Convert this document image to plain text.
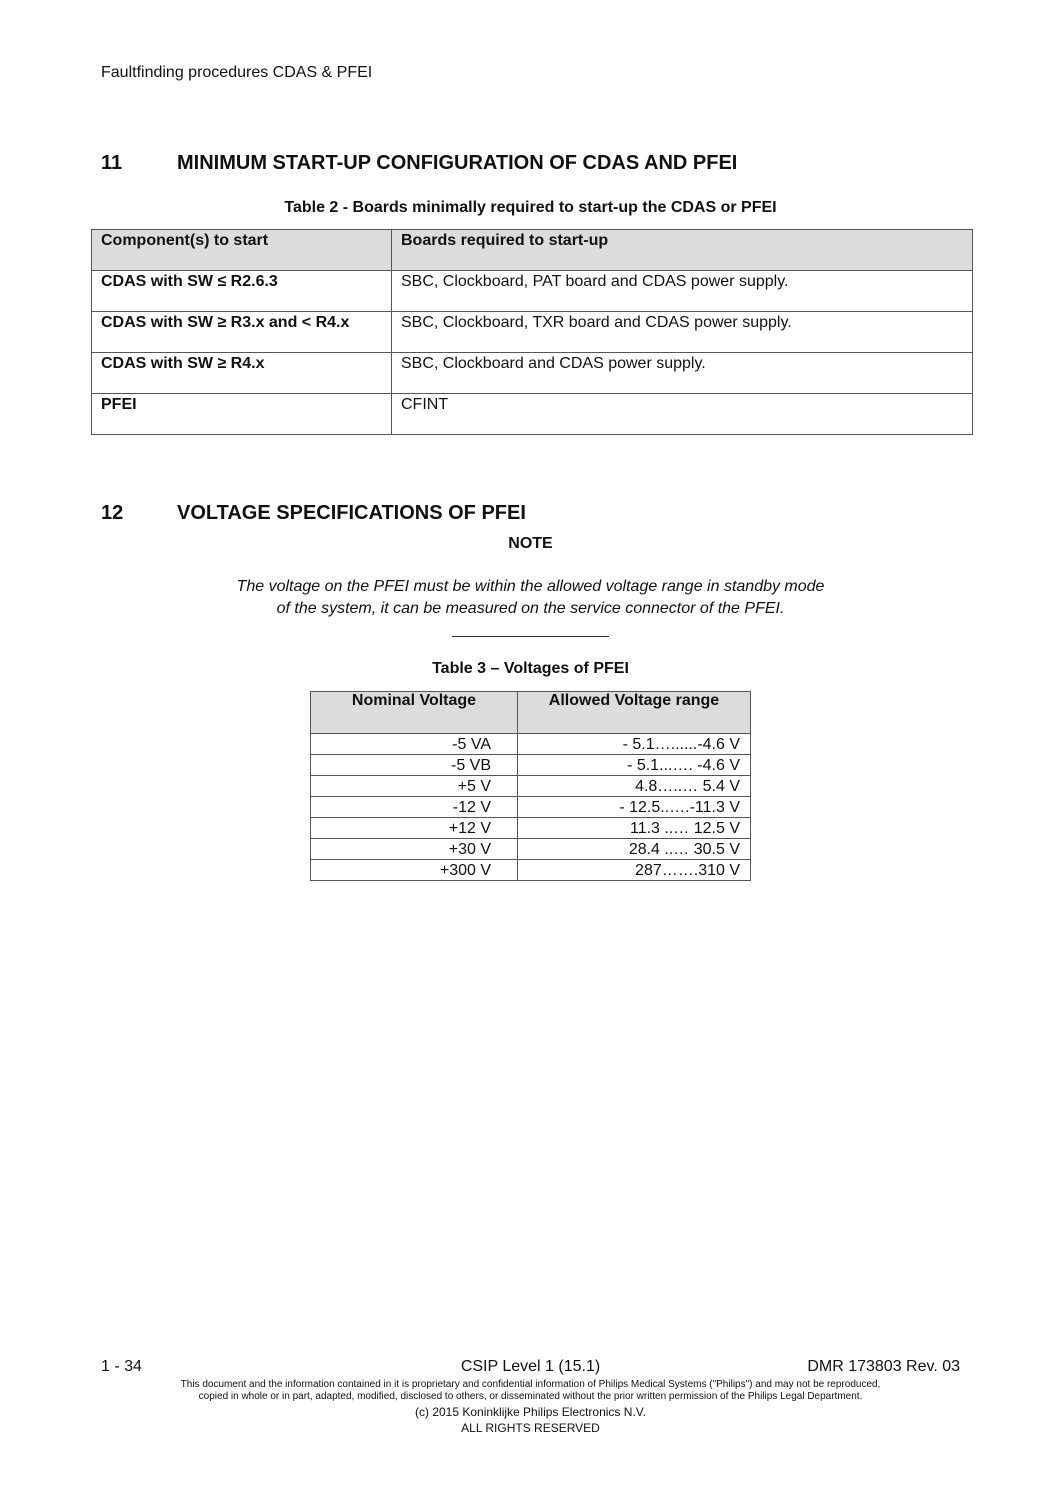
Faultfinding procedures CDAS & PFEI
11	MINIMUM START-UP CONFIGURATION OF CDAS AND PFEI
Table 2 - Boards minimally required to start-up the CDAS or PFEI
Component(s) to start	Boards required to start-up
CDAS with SW ≤ R2.6.3	SBC, Clockboard, PAT board and CDAS power supply.
CDAS with SW ≥ R3.x and < R4.x	SBC, Clockboard, TXR board and CDAS power supply.
CDAS with SW ≥ R4.x	SBC, Clockboard and CDAS power supply.
PFEI	CFINT
12	VOLTAGE SPECIFICATIONS OF PFEI
NOTE
The voltage on the PFEI must be within the allowed voltage range in standby mode
of the system, it can be measured on the service connector of the PFEI.
Table 3 – Voltages of PFEI
Nominal Voltage	Allowed Voltage range
-5 VA	- 5.1…......-4.6 V
-5 VB	- 5.1...…. -4.6 V
+5 V	4.8…..… 5.4 V
-12 V	- 12.5..….-11.3 V
+12 V	11.3 ..… 12.5 V
+30 V	28.4 ..… 30.5 V
+300 V	287…….310 V
1 - 34	CSIP Level 1 (15.1)	DMR 173803 Rev. 03
This document and the information contained in it is proprietary and confidential information of Philips Medical Systems ("Philips") and may not be reproduced,
copied in whole or in part, adapted, modified, disclosed to others, or disseminated without the prior written permission of the Philips Legal Department.
(c) 2015 Koninklijke Philips Electronics N.V.
ALL RIGHTS RESERVED
